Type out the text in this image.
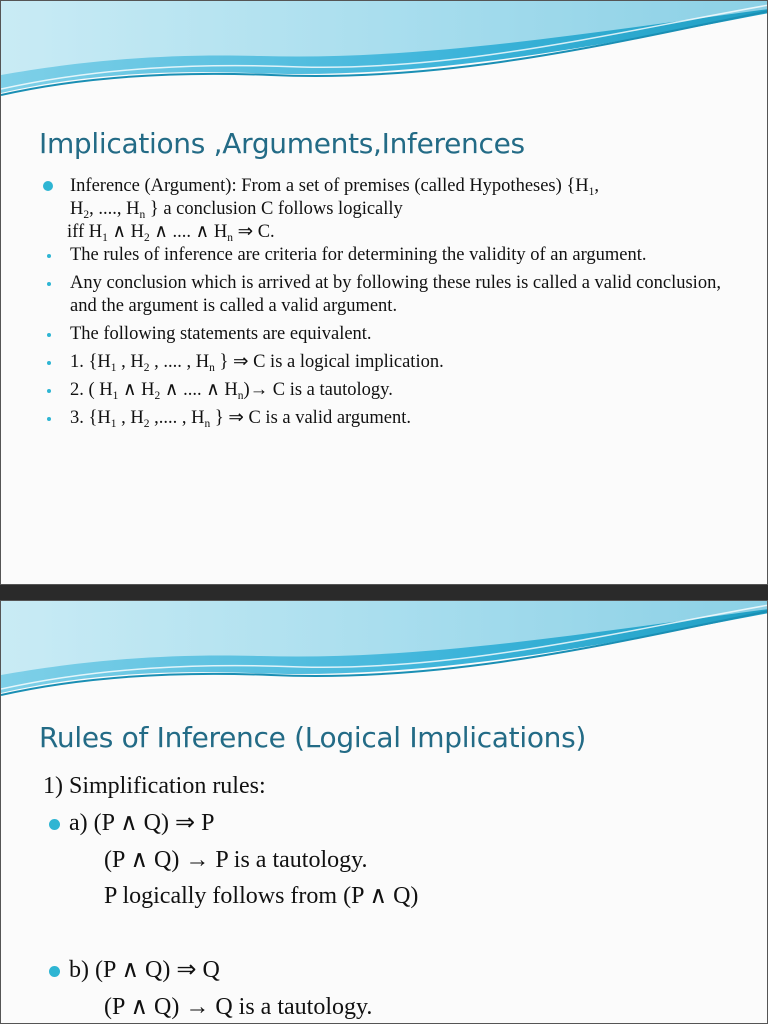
Implications ,Arguments,Inferences
Inference (Argument): From a set of premises (called Hypotheses) {$H_1$,
$H_2$, ...., $H_n$ } a conclusion C follows logically
iff $H_1$ ∧ $H_2$ ∧ .... ∧ $H_n$ ⇒ C.
The rules of inference are criteria for determining the validity of an argument.
Any conclusion which is arrived at by following these rules is called a valid conclusion, and the argument is called a valid argument.
The following statements are equivalent.
1. {$H_1$ , $H_2$ , .... , $H_n$ } ⇒ C is a logical implication.
2. ( $H_1$ ∧ $H_2$ ∧ .... ∧ $H_n)\to C$ is a tautology.
3. {$H_1$ , $H_2$ ,.... , $H_n$ } ⇒ C is a valid argument.
Rules of Inference (Logical Implications)
1) Simplification rules:
a) (P ∧ Q) ⇒ P
(P ∧ Q) → P is a tautology.
P logically follows from (P ∧ Q)
b) (P ∧ Q) ⇒ Q
(P ∧ Q) → Q is a tautology.
